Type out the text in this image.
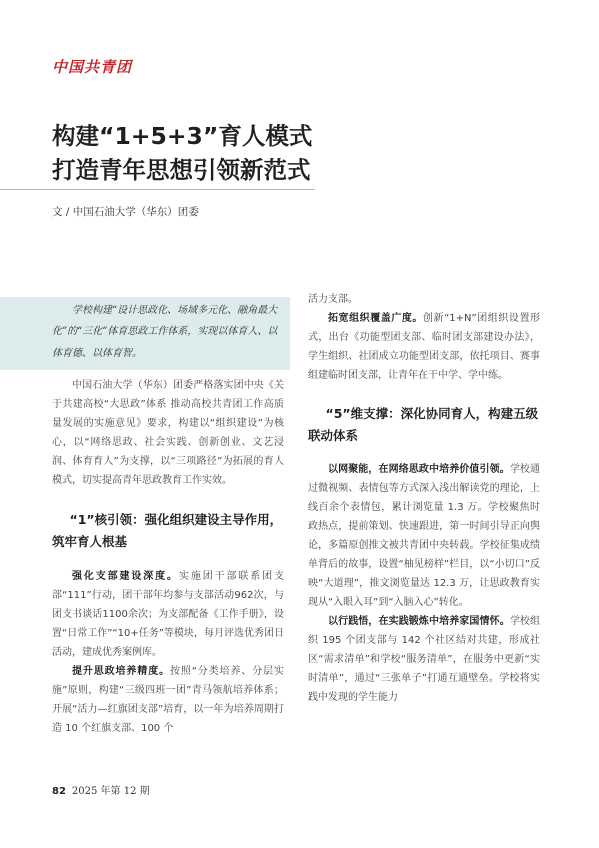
中国共青团
构建“1+5+3”育人模式
打造青年思想引领新范式
文 / 中国石油大学（华东）团委

学校构建“设计思政化、场域多元化、融角最大化”的“三化”体育思政工作体系，实现以体育人、以体育德、以体育智。

中国石油大学（华东）团委严格落实团中央《关于共建高校“大思政”体系 推动高校共青团工作高质量发展的实施意见》要求，构建以“组织建设”为核心，以“网络思政、社会实践、创新创业、文艺浸润、体育育人”为支撑，以“三项路径”为拓展的育人模式，切实提高青年思政教育工作实效。

“1”核引领：强化组织建设主导作用，筑牢育人根基

强化支部建设深度。实施团干部联系团支部“111”行动，团干部年均参与支部活动962次，与团支书谈话1100余次；为支部配备《工作手册》，设置“日常工作”“10+任务”等模块，每月评选优秀团日活动，建成优秀案例库。

提升思政培养精度。按照“分类培养、分层实施”原则，构建“三级四班一团”青马领航培养体系；开展“活力—红旗团支部”培育，以一年为培养周期打造 10 个红旗支部、100 个

活力支部。

拓宽组织覆盖广度。创新“1+N”团组织设置形式，出台《功能型团支部、临时团支部建设办法》，学生组织、社团成立功能型团支部，依托项目、赛事组建临时团支部，让青年在干中学、学中练。

“5”维支撑：深化协同育人，构建五级联动体系

以网聚能，在网络思政中培养价值引领。学校通过微视频、表情包等方式深入浅出解读党的理论，上线百余个表情包，累计浏览量 1.3 万。学校聚焦时政热点，提前策划、快速跟进，第一时间引导正向舆论，多篇原创推文被共青团中央转载。学校征集成绩单背后的故事，设置“柚见榜样”栏目，以“小切口”反映“大道理”，推文浏览量达 12.3 万，让思政教育实现从“入眼入耳”到“入脑入心”转化。

以行践悟，在实践锻炼中培养家国情怀。学校组织 195 个团支部与 142 个社区结对共建，形成社区“需求清单”和学校“服务清单”，在服务中更新“实时清单”，通过“三张单子”打通互通壁垒。学校将实践中发现的学生能力

82 2025 年第 12 期
